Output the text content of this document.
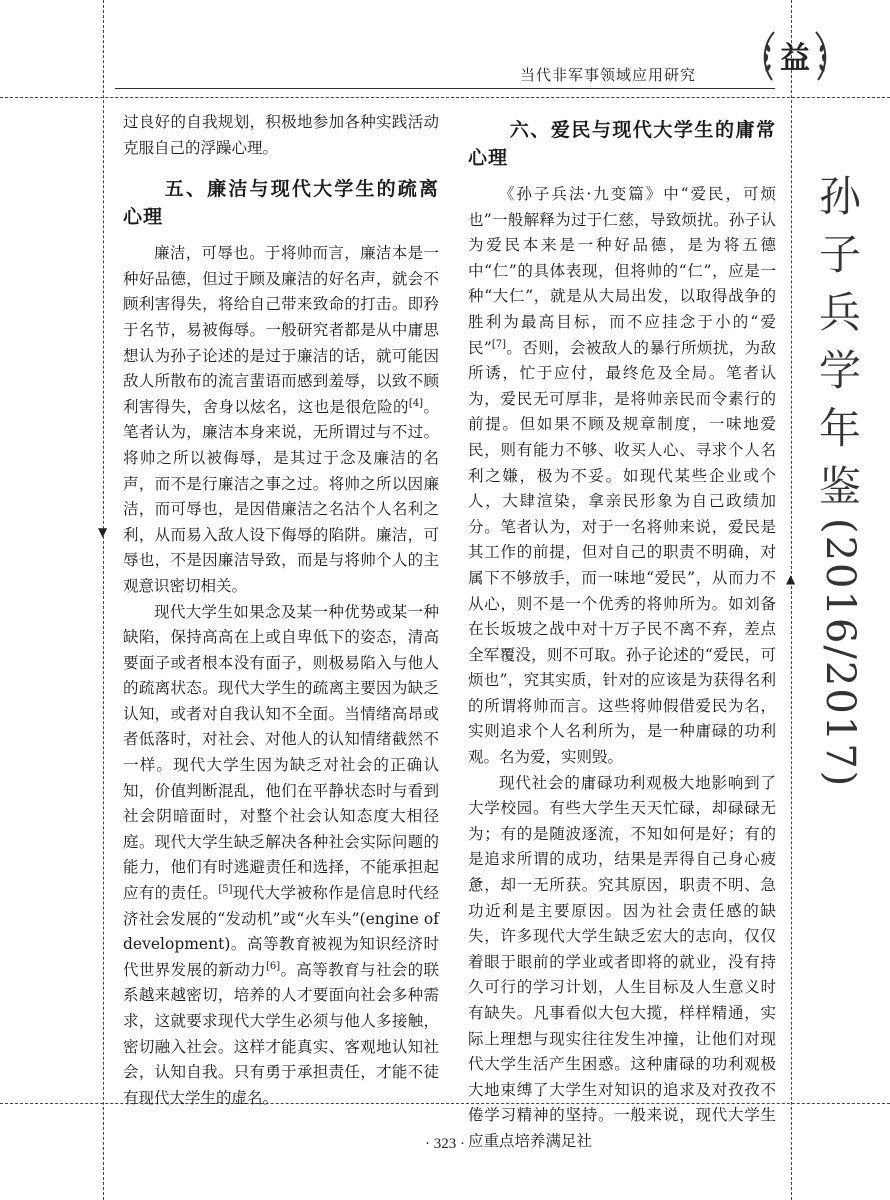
当代非军事领域应用研究	益
孙
子
兵
学
年
鉴
(2016/2017)
▼
▲

过良好的自我规划，积极地参加各种实践活动克服自己的浮躁心理。

五、廉洁与现代大学生的疏离心理

廉洁，可辱也。于将帅而言，廉洁本是一种好品德，但过于顾及廉洁的好名声，就会不顾利害得失，将给自己带来致命的打击。即矜于名节，易被侮辱。一般研究者都是从中庸思想认为孙子论述的是过于廉洁的话，就可能因敌人所散布的流言蜚语而感到羞辱，以致不顾利害得失，舍身以炫名，这也是很危险的[4]。笔者认为，廉洁本身来说，无所谓过与不过。将帅之所以被侮辱，是其过于念及廉洁的名声，而不是行廉洁之事之过。将帅之所以因廉洁，而可辱也，是因借廉洁之名沽个人名利之利，从而易入敌人设下侮辱的陷阱。廉洁，可辱也，不是因廉洁导致，而是与将帅个人的主观意识密切相关。

现代大学生如果念及某一种优势或某一种缺陷，保持高高在上或自卑低下的姿态，清高要面子或者根本没有面子，则极易陷入与他人的疏离状态。现代大学生的疏离主要因为缺乏认知，或者对自我认知不全面。当情绪高昂或者低落时，对社会、对他人的认知情绪截然不一样。现代大学生因为缺乏对社会的正确认知，价值判断混乱，他们在平静状态时与看到社会阴暗面时，对整个社会认知态度大相径庭。现代大学生缺乏解决各种社会实际问题的能力，他们有时逃避责任和选择，不能承担起应有的责任。[5]现代大学被称作是信息时代经济社会发展的“发动机”或“火车头”(engine of development)。高等教育被视为知识经济时代世界发展的新动力[6]。高等教育与社会的联系越来越密切，培养的人才要面向社会多种需求，这就要求现代大学生必须与他人多接触，密切融入社会。这样才能真实、客观地认知社会，认知自我。只有勇于承担责任，才能不徒有现代大学生的虚名。

六、爱民与现代大学生的庸常心理

《孙子兵法·九变篇》中“爱民，可烦也”一般解释为过于仁慈，导致烦扰。孙子认为爱民本来是一种好品德，是为将五德中“仁”的具体表现，但将帅的“仁”，应是一种“大仁”，就是从大局出发，以取得战争的胜利为最高目标，而不应挂念于小的“爱民”[7]。否则，会被敌人的暴行所烦扰，为敌所诱，忙于应付，最终危及全局。笔者认为，爱民无可厚非，是将帅亲民而令素行的前提。但如果不顾及规章制度，一味地爱民，则有能力不够、收买人心、寻求个人名利之嫌，极为不妥。如现代某些企业或个人，大肆渲染，拿亲民形象为自己政绩加分。笔者认为，对于一名将帅来说，爱民是其工作的前提，但对自己的职责不明确，对属下不够放手，而一味地“爱民”，从而力不从心，则不是一个优秀的将帅所为。如刘备在长坂坡之战中对十万子民不离不弃，差点全军覆没，则不可取。孙子论述的“爱民，可烦也”，究其实质，针对的应该是为获得名利的所谓将帅而言。这些将帅假借爱民为名，实则追求个人名利所为，是一种庸碌的功利观。名为爱，实则毁。

现代社会的庸碌功利观极大地影响到了大学校园。有些大学生天天忙碌，却碌碌无为；有的是随波逐流，不知如何是好；有的是追求所谓的成功，结果是弄得自己身心疲惫，却一无所获。究其原因，职责不明、急功近利是主要原因。因为社会责任感的缺失，许多现代大学生缺乏宏大的志向，仅仅着眼于眼前的学业或者即将的就业，没有持久可行的学习计划，人生目标及人生意义时有缺失。凡事看似大包大揽，样样精通，实际上理想与现实往往发生冲撞，让他们对现代大学生活产生困惑。这种庸碌的功利观极大地束缚了大学生对知识的追求及对孜孜不倦学习精神的坚持。一般来说，现代大学生应重点培养满足社

· 323 ·
